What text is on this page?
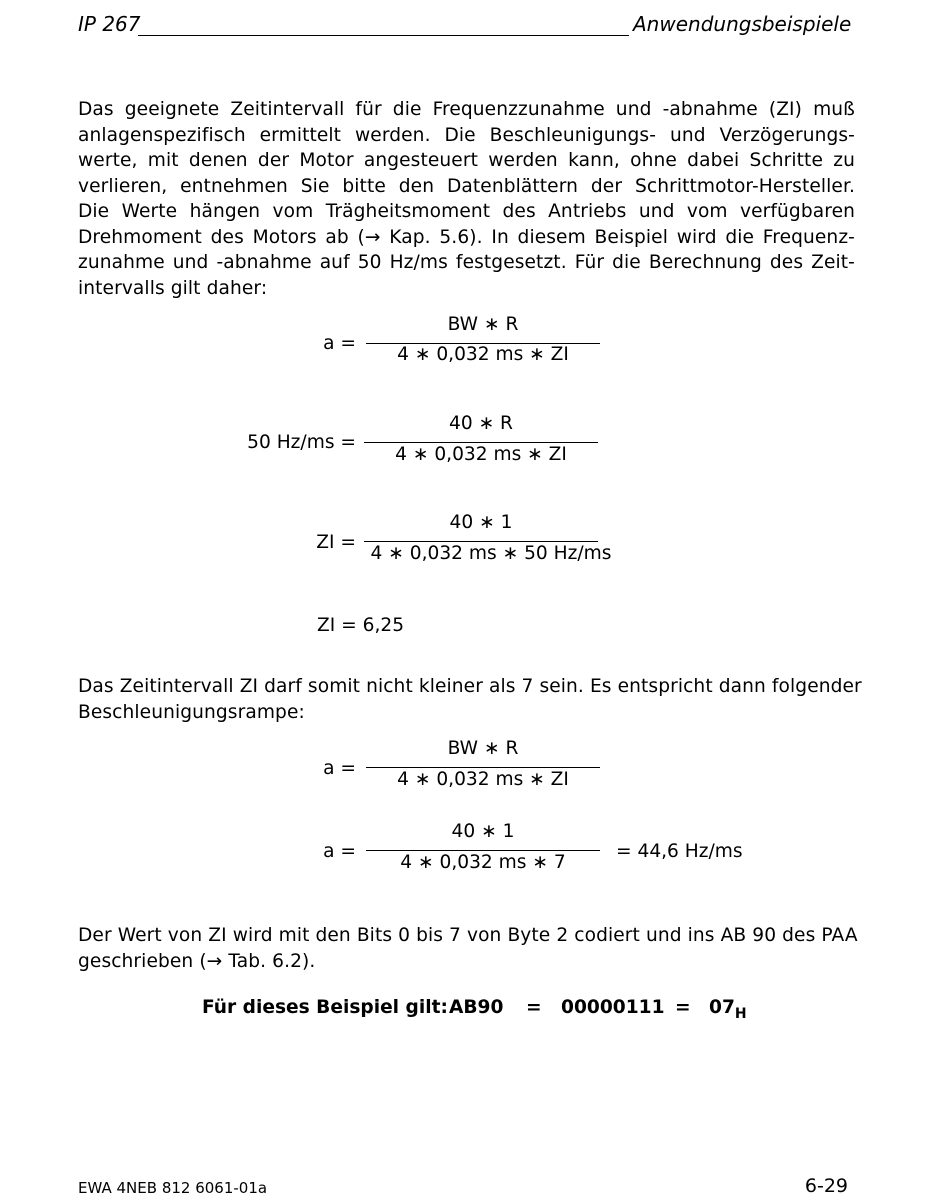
IP 267	Anwendungsbeispiele
Das geeignete Zeitintervall für die Frequenzzunahme und -abnahme (ZI) muß
anlagenspezifisch ermittelt werden. Die Beschleunigungs- und Verzögerungs-
werte, mit denen der Motor angesteuert werden kann, ohne dabei Schritte zu
verlieren, entnehmen Sie bitte den Datenblättern der Schrittmotor-Hersteller.
Die Werte hängen vom Trägheitsmoment des Antriebs und vom verfügbaren
Drehmoment des Motors ab (→ Kap. 5.6). In diesem Beispiel wird die Frequenz-
zunahme und -abnahme auf 50 Hz/ms festgesetzt. Für die Berechnung des Zeit-
intervalls gilt daher:
a =
BW ∗ R
4 ∗ 0,032 ms ∗ ZI
50 Hz/ms =
40 ∗ R
4 ∗ 0,032 ms ∗ ZI
ZI =
40 ∗ 1
4 ∗ 0,032 ms ∗ 50 Hz/ms
ZI = 6,25
Das Zeitintervall ZI darf somit nicht kleiner als 7 sein. Es entspricht dann folgender
Beschleunigungsrampe:
a =
BW ∗ R
4 ∗ 0,032 ms ∗ ZI
a =
40 ∗ 1
4 ∗ 0,032 ms ∗ 7
= 44,6 Hz/ms
Der Wert von ZI wird mit den Bits 0 bis 7 von Byte 2 codiert und ins AB 90 des PAA
geschrieben (→ Tab. 6.2).
Für dieses Beispiel gilt: $AB90 = 00000111 = 07_H$
EWA 4NEB 812 6061-01a	6-29
